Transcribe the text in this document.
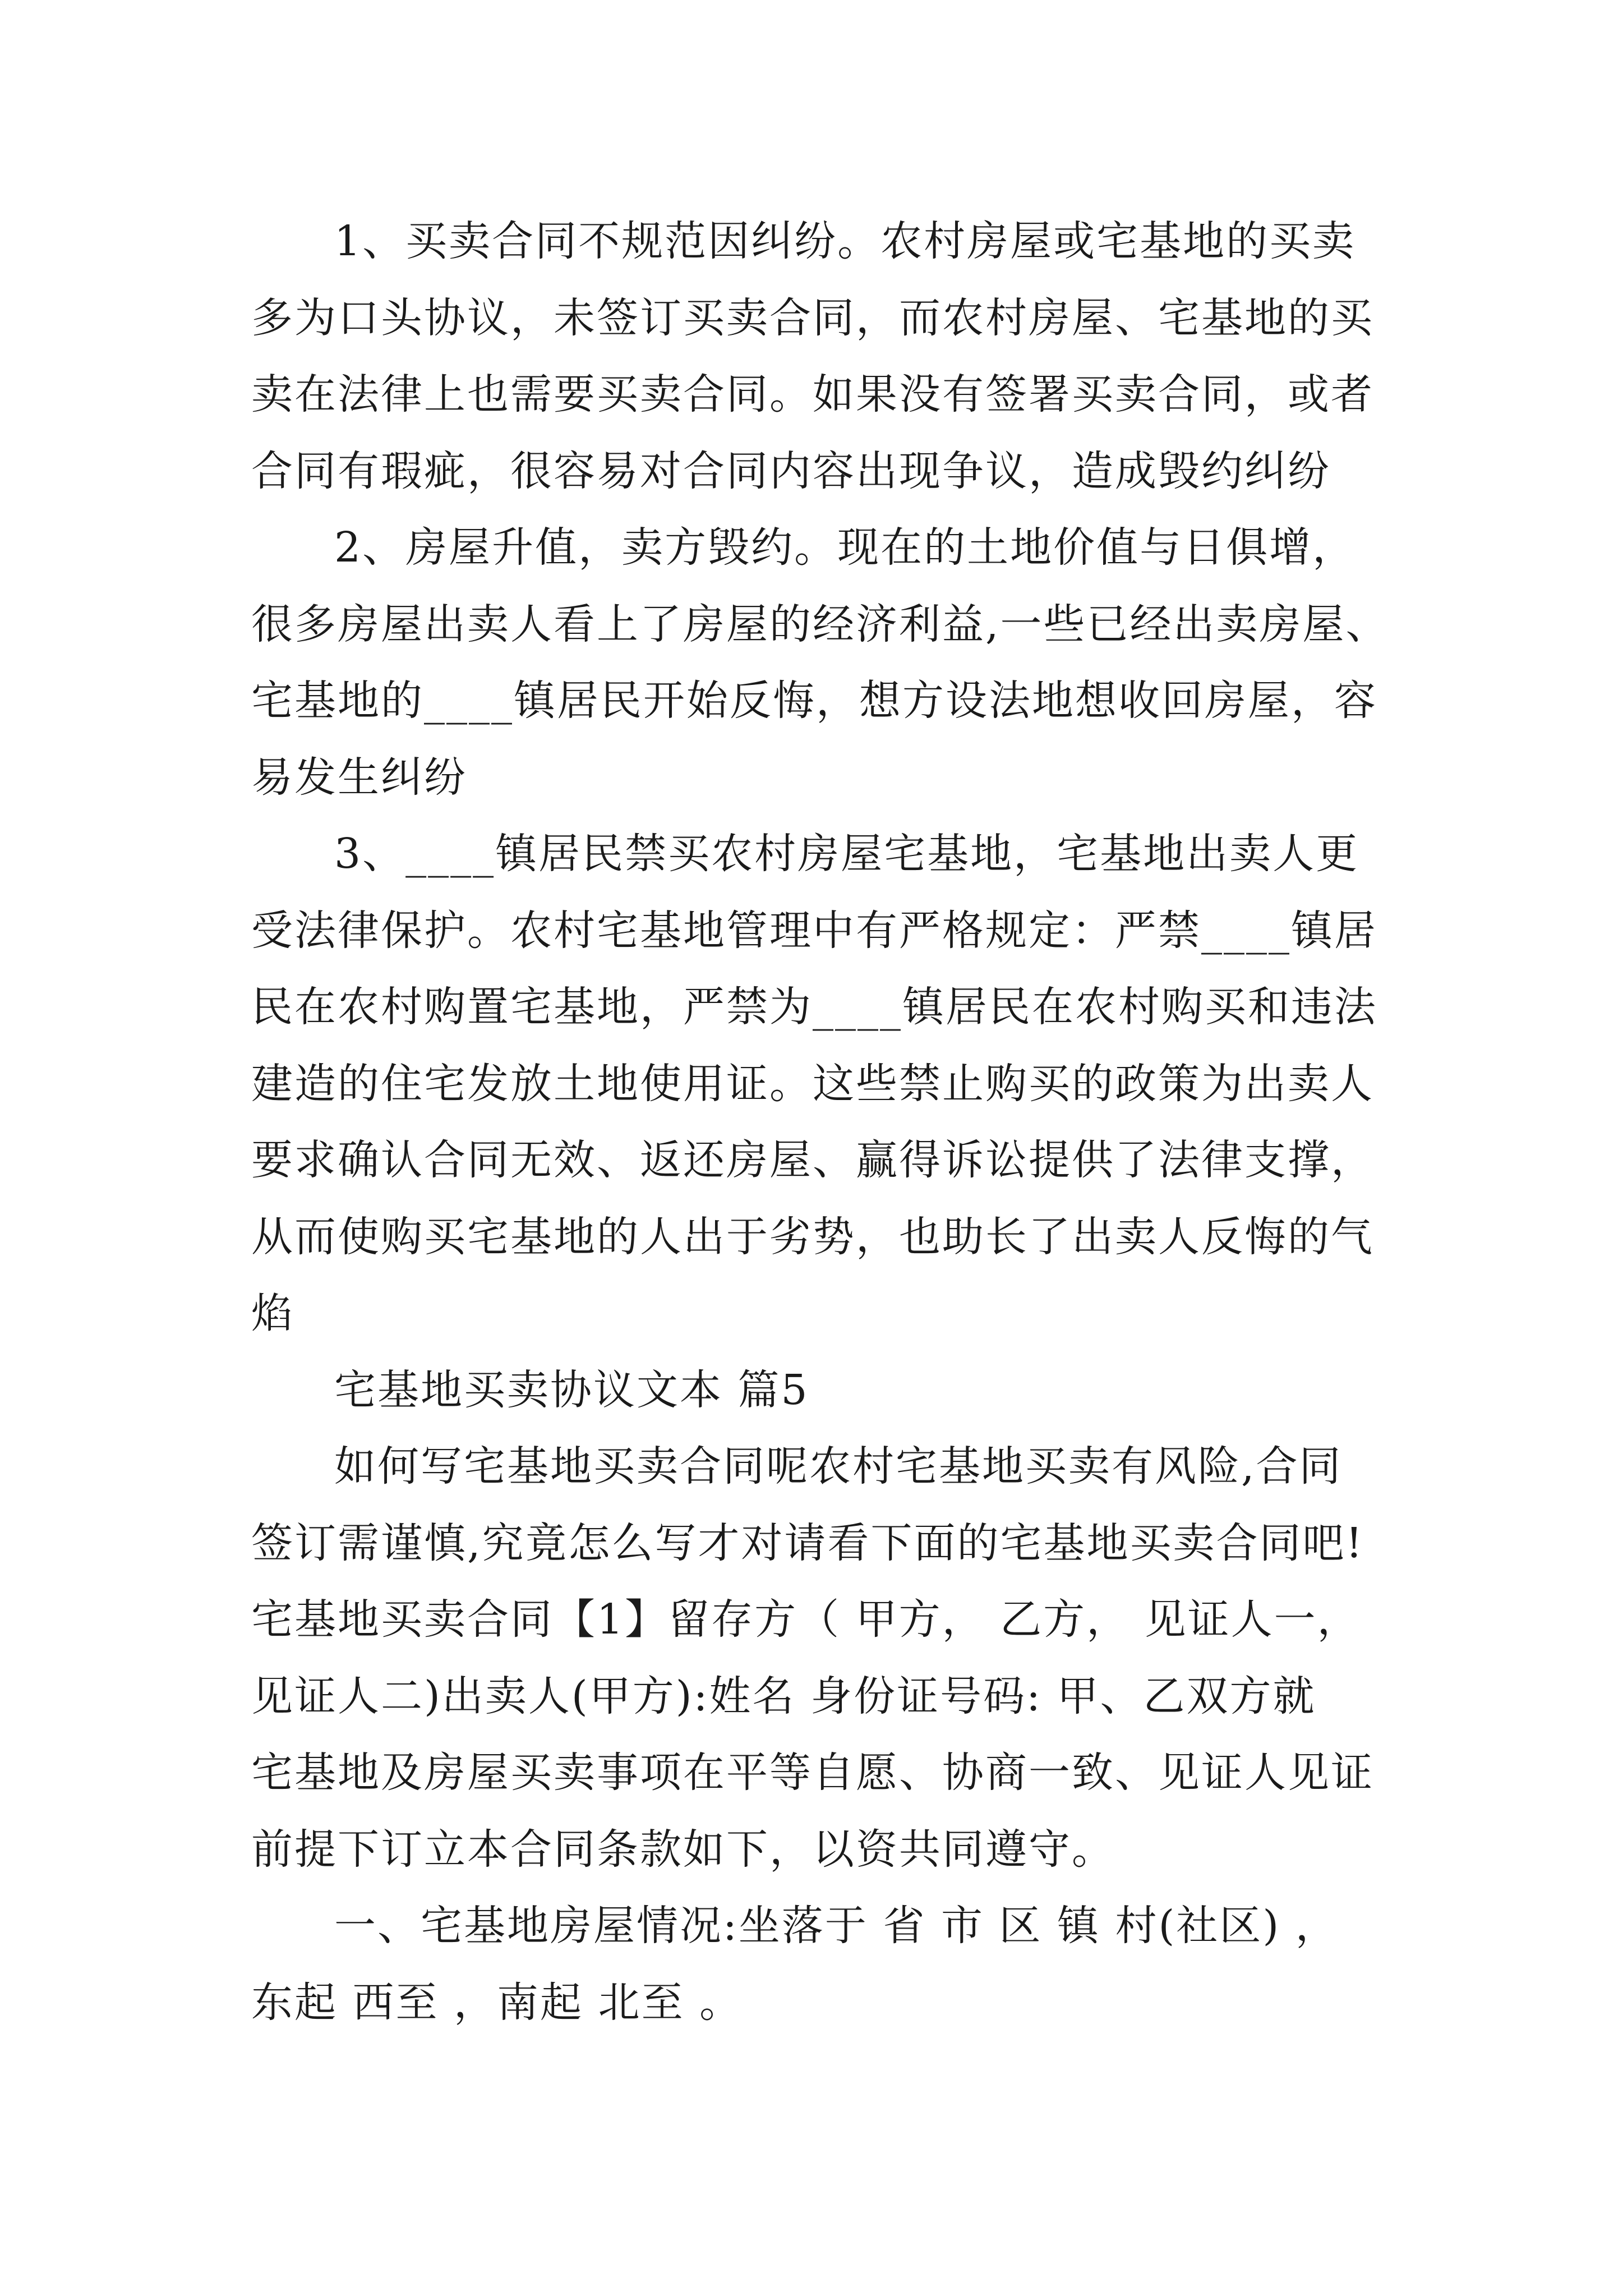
1、买卖合同不规范因纠纷。农村房屋或宅基地的买卖
多为口头协议，未签订买卖合同，而农村房屋、宅基地的买
卖在法律上也需要买卖合同。如果没有签署买卖合同，或者
合同有瑕疵，很容易对合同内容出现争议，造成毁约纠纷

2、房屋升值，卖方毁约。现在的土地价值与日俱增，
很多房屋出卖人看上了房屋的经济利益,一些已经出卖房屋、
宅基地的____镇居民开始反悔，想方设法地想收回房屋，容
易发生纠纷

3、____镇居民禁买农村房屋宅基地，宅基地出卖人更
受法律保护。农村宅基地管理中有严格规定：严禁____镇居
民在农村购置宅基地，严禁为____镇居民在农村购买和违法
建造的住宅发放土地使用证。这些禁止购买的政策为出卖人
要求确认合同无效、返还房屋、赢得诉讼提供了法律支撑，
从而使购买宅基地的人出于劣势，也助长了出卖人反悔的气
焰

宅基地买卖协议文本 篇5

如何写宅基地买卖合同呢农村宅基地买卖有风险,合同
签订需谨慎,究竟怎么写才对请看下面的宅基地买卖合同吧!
宅基地买卖合同【1】留存方（ 甲方， 乙方， 见证人一，
见证人二)出卖人(甲方):姓名 身份证号码: 甲、乙双方就
宅基地及房屋买卖事项在平等自愿、协商一致、见证人见证
前提下订立本合同条款如下，以资共同遵守。

一、宅基地房屋情况:坐落于 省 市 区 镇 村(社区) ，
东起 西至 ，南起 北至 。
